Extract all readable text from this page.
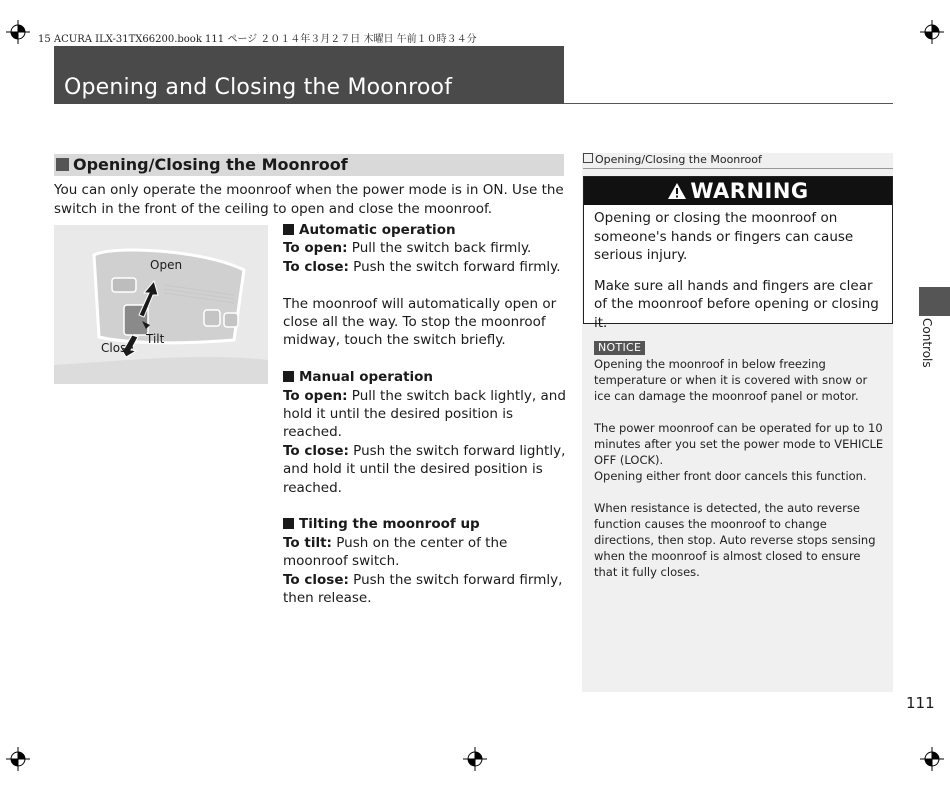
15 ACURA ILX-31TX66200.book 111 ページ ２０１４年３月２７日 木曜日 午前１０時３４分
Opening and Closing the Moonroof
Opening/Closing the Moonroof
You can only operate the moonroof when the power mode is in ON. Use the switch in the front of the ceiling to open and close the moonroof.
Open
Tilt
Close

Automatic operation

To open: Pull the switch back firmly.

To close: Push the switch forward firmly.

The moonroof will automatically open or close all the way. To stop the moonroof midway, touch the switch briefly.

Manual operation

To open: Pull the switch back lightly, and hold it until the desired position is reached.

To close: Push the switch forward lightly, and hold it until the desired position is reached.

Tilting the moonroof up

To tilt: Push on the center of the moonroof switch.

To close: Push the switch forward firmly, then release.

Opening/Closing the Moonroof
WARNING

Opening or closing the moonroof on someone's hands or fingers can cause serious injury.

Make sure all hands and fingers are clear of the moonroof before opening or closing it.

NOTICE

Opening the moonroof in below freezing temperature or when it is covered with snow or ice can damage the moonroof panel or motor.

The power moonroof can be operated for up to 10 minutes after you set the power mode to VEHICLE OFF (LOCK).

Opening either front door cancels this function.

When resistance is detected, the auto reverse function causes the moonroof to change directions, then stop. Auto reverse stops sensing when the moonroof is almost closed to ensure that it fully closes.

Controls
111
